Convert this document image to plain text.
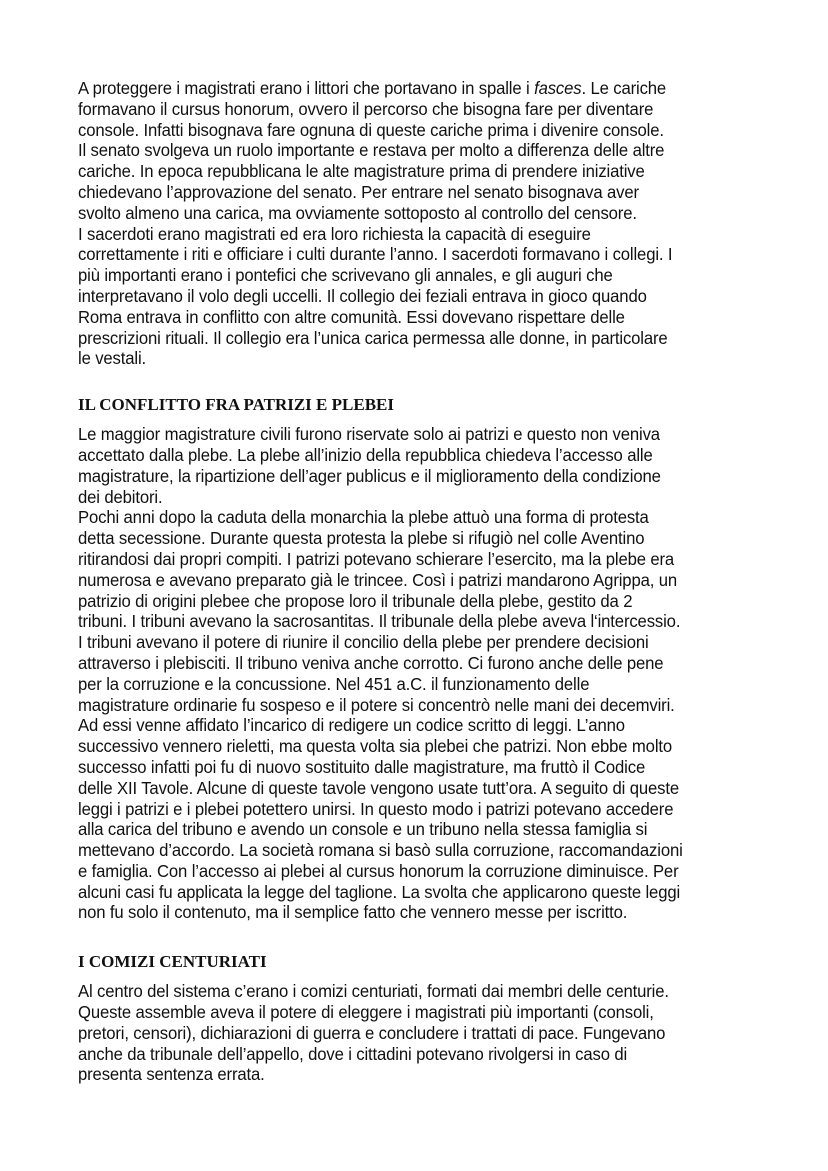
A proteggere i magistrati erano i littori che portavano in spalle i fasces. Le cariche
formavano il cursus honorum, ovvero il percorso che bisogna fare per diventare
console. Infatti bisognava fare ognuna di queste cariche prima i divenire console.
Il senato svolgeva un ruolo importante e restava per molto a differenza delle altre
cariche. In epoca repubblicana le alte magistrature prima di prendere iniziative
chiedevano l’approvazione del senato. Per entrare nel senato bisognava aver
svolto almeno una carica, ma ovviamente sottoposto al controllo del censore.
I sacerdoti erano magistrati ed era loro richiesta la capacità di eseguire
correttamente i riti e officiare i culti durante l’anno. I sacerdoti formavano i collegi. I
più importanti erano i pontefici che scrivevano gli annales, e gli auguri che
interpretavano il volo degli uccelli. Il collegio dei feziali entrava in gioco quando
Roma entrava in conflitto con altre comunità. Essi dovevano rispettare delle
prescrizioni rituali. Il collegio era l’unica carica permessa alle donne, in particolare
le vestali.
IL CONFLITTO FRA PATRIZI E PLEBEI
Le maggior magistrature civili furono riservate solo ai patrizi e questo non veniva
accettato dalla plebe. La plebe all’inizio della repubblica chiedeva l’accesso alle
magistrature, la ripartizione dell’ager publicus e il miglioramento della condizione
dei debitori.
Pochi anni dopo la caduta della monarchia la plebe attuò una forma di protesta
detta secessione. Durante questa protesta la plebe si rifugiò nel colle Aventino
ritirandosi dai propri compiti. I patrizi potevano schierare l’esercito, ma la plebe era
numerosa e avevano preparato già le trincee. Così i patrizi mandarono Agrippa, un
patrizio di origini plebee che propose loro il tribunale della plebe, gestito da 2
tribuni. I tribuni avevano la sacrosantitas. Il tribunale della plebe aveva l‘intercessio.
I tribuni avevano il potere di riunire il concilio della plebe per prendere decisioni
attraverso i plebisciti. Il tribuno veniva anche corrotto. Ci furono anche delle pene
per la corruzione e la concussione. Nel 451 a.C. il funzionamento delle
magistrature ordinarie fu sospeso e il potere si concentrò nelle mani dei decemviri.
Ad essi venne affidato l’incarico di redigere un codice scritto di leggi. L’anno
successivo vennero rieletti, ma questa volta sia plebei che patrizi. Non ebbe molto
successo infatti poi fu di nuovo sostituito dalle magistrature, ma fruttò il Codice
delle XII Tavole. Alcune di queste tavole vengono usate tutt’ora. A seguito di queste
leggi i patrizi e i plebei potettero unirsi. In questo modo i patrizi potevano accedere
alla carica del tribuno e avendo un console e un tribuno nella stessa famiglia si
mettevano d’accordo. La società romana si basò sulla corruzione, raccomandazioni
e famiglia. Con l’accesso ai plebei al cursus honorum la corruzione diminuisce. Per
alcuni casi fu applicata la legge del taglione. La svolta che applicarono queste leggi
non fu solo il contenuto, ma il semplice fatto che vennero messe per iscritto.
I COMIZI CENTURIATI
Al centro del sistema c’erano i comizi centuriati, formati dai membri delle centurie.
Queste assemble aveva il potere di eleggere i magistrati più importanti (consoli,
pretori, censori), dichiarazioni di guerra e concludere i trattati di pace. Fungevano
anche da tribunale dell’appello, dove i cittadini potevano rivolgersi in caso di
presenta sentenza errata.
